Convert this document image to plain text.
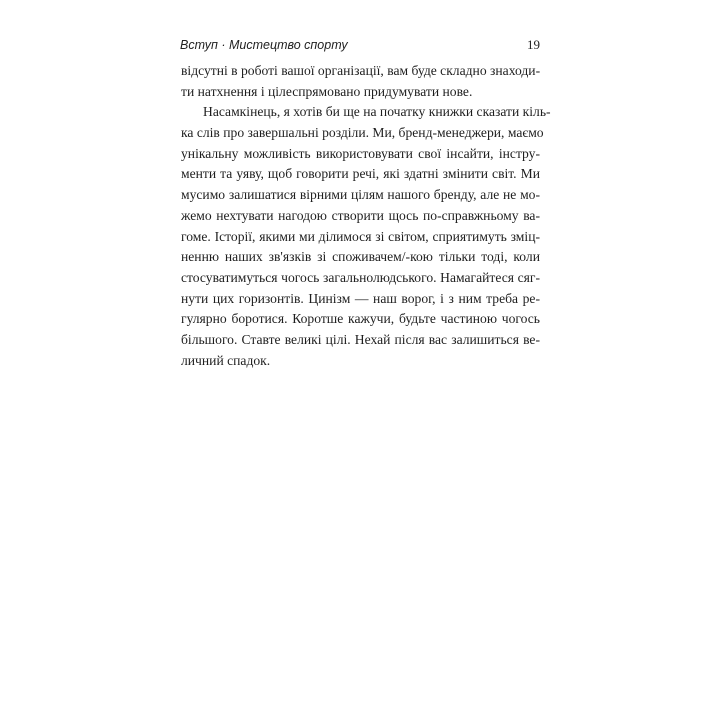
Вступ · Мистецтво спорту	19
відсутні в роботі вашої організації, вам буде складно знаходи-
ти натхнення і цілеспрямовано придумувати нове.
Насамкінець, я хотів би ще на початку книжки сказати кіль-
ка слів про завершальні розділи. Ми, бренд-менеджери, маємо
унікальну можливість використовувати свої інсайти, інстру-
менти та уяву, щоб говорити речі, які здатні змінити світ. Ми
мусимо залишатися вірними цілям нашого бренду, але не мо-
жемо нехтувати нагодою створити щось по-справжньому ва-
гоме. Історії, якими ми ділимося зі світом, сприятимуть зміц-
ненню наших зв'язків зі споживачем/-кою тільки тоді, коли
стосуватимуться чогось загальнолюдського. Намагайтеся сяг-
нути цих горизонтів. Цинізм — наш ворог, і з ним треба ре-
гулярно боротися. Коротше кажучи, будьте частиною чогось
більшого. Ставте великі цілі. Нехай після вас залишиться ве-
личний спадок.
